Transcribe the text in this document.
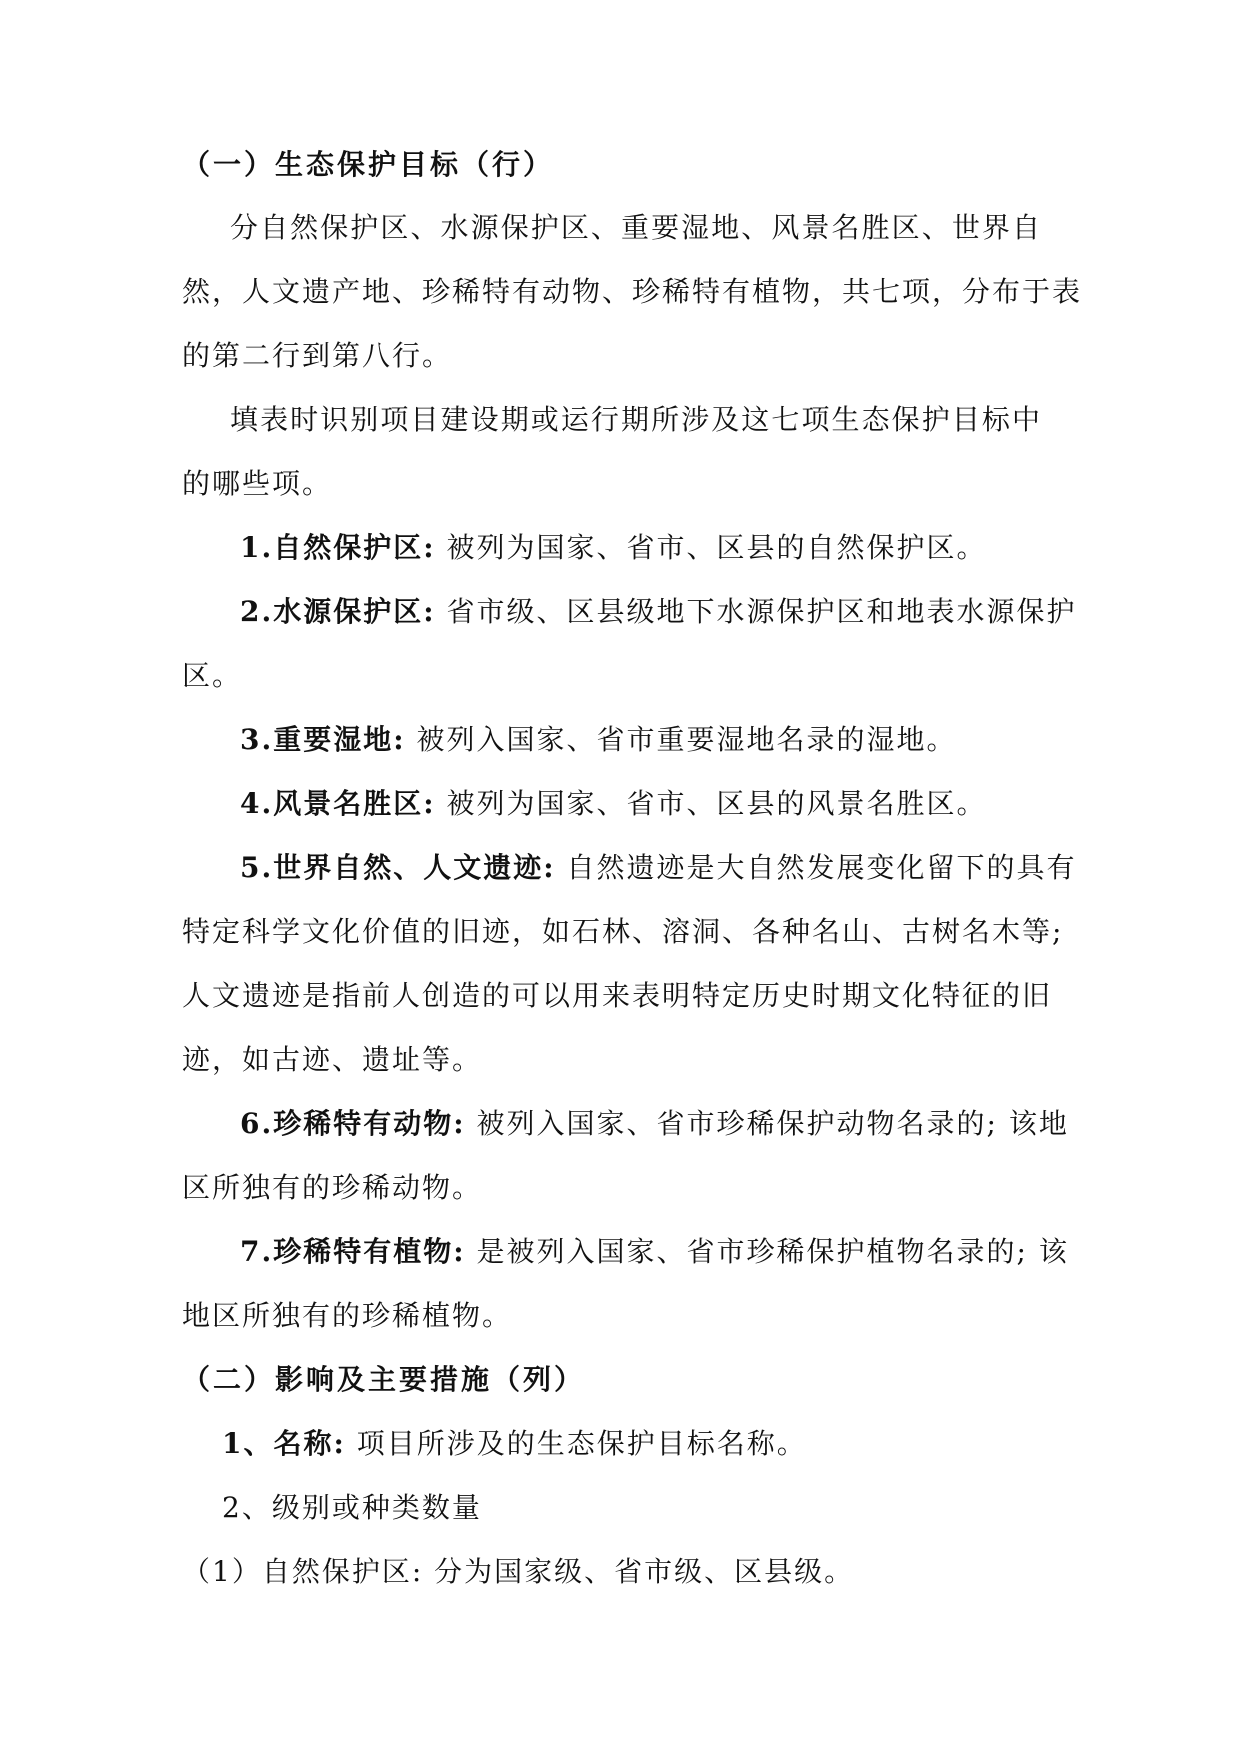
（一）生态保护目标（行）
分自然保护区、水源保护区、重要湿地、风景名胜区、世界自
然，人文遗产地、珍稀特有动物、珍稀特有植物，共七项，分布于表
的第二行到第八行。
填表时识别项目建设期或运行期所涉及这七项生态保护目标中
的哪些项。
1.自然保护区: 被列为国家、省市、区县的自然保护区。
2.水源保护区: 省市级、区县级地下水源保护区和地表水源保护
区。
3.重要湿地: 被列入国家、省市重要湿地名录的湿地。
4.风景名胜区: 被列为国家、省市、区县的风景名胜区。
5.世界自然、人文遗迹: 自然遗迹是大自然发展变化留下的具有
特定科学文化价值的旧迹，如石林、溶洞、各种名山、古树名木等;
人文遗迹是指前人创造的可以用来表明特定历史时期文化特征的旧
迹，如古迹、遗址等。
6.珍稀特有动物: 被列入国家、省市珍稀保护动物名录的; 该地
区所独有的珍稀动物。
7.珍稀特有植物: 是被列入国家、省市珍稀保护植物名录的; 该
地区所独有的珍稀植物。
（二）影响及主要措施（列）
1、名称: 项目所涉及的生态保护目标名称。
2、级别或种类数量
（1）自然保护区: 分为国家级、省市级、区县级。
